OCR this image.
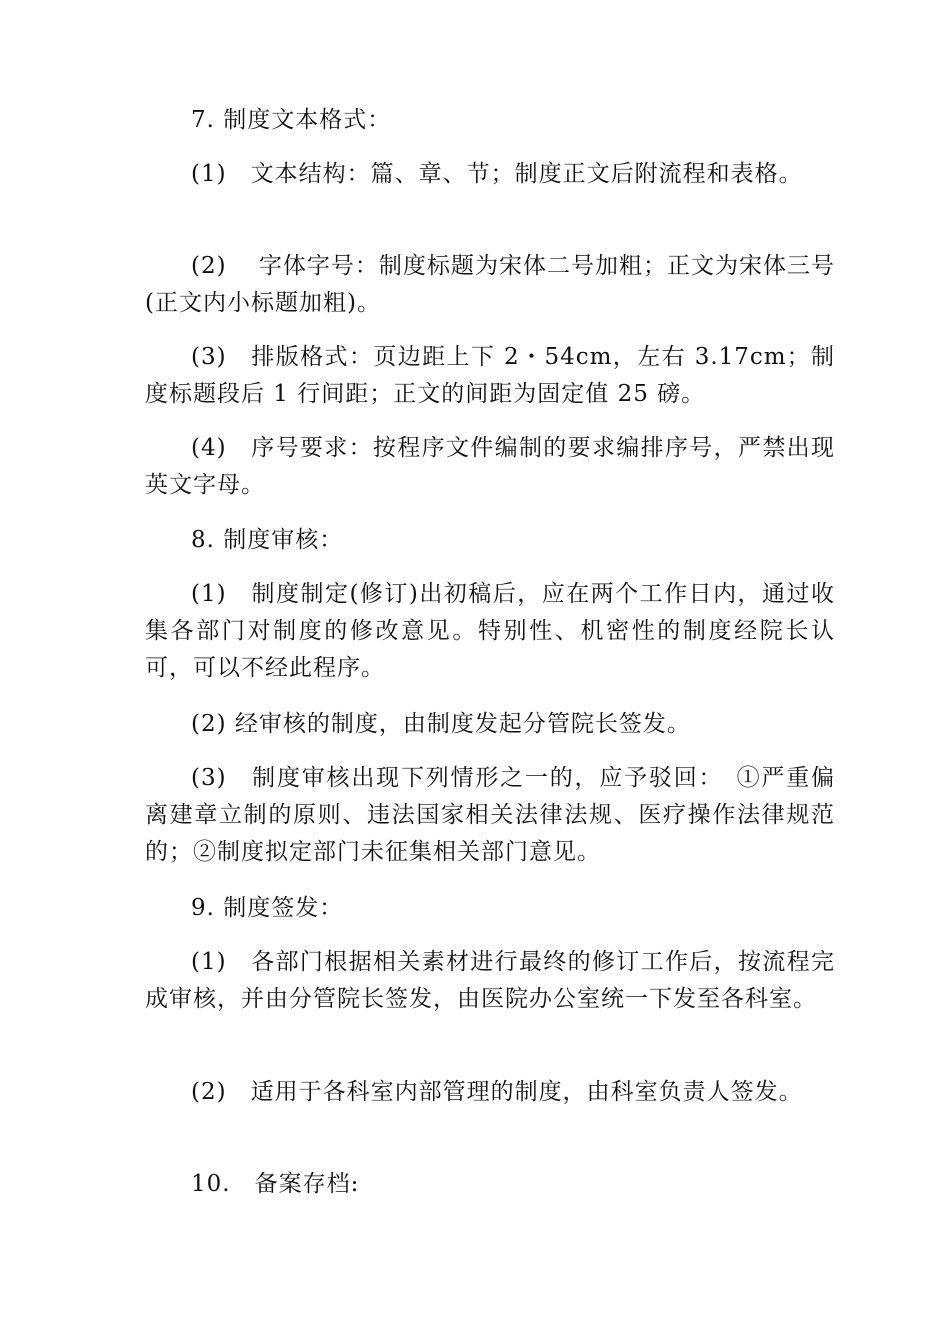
7. 制度文本格式：

(1)　文本结构：篇、章、节；制度正文后附流程和表格。

(2)　 字体字号：制度标题为宋体二号加粗；正文为宋体三号(正文内小标题加粗)。

(3)　排版格式：页边距上下 2・54cm，左右 3.17cm；制度标题段后 1 行间距；正文的间距为固定值 25 磅。

(4)　序号要求：按程序文件编制的要求编排序号，严禁出现英文字母。

8. 制度审核：

(1)　制度制定(修订)出初稿后，应在两个工作日内，通过收集各部门对制度的修改意见。特别性、机密性的制度经院长认可，可以不经此程序。

(2) 经审核的制度，由制度发起分管院长签发。

(3)　制度审核出现下列情形之一的，应予驳回：　①严重偏离建章立制的原则、违法国家相关法律法规、医疗操作法律规范的；②制度拟定部门未征集相关部门意见。

9. 制度签发：

(1)　各部门根据相关素材进行最终的修订工作后，按流程完成审核，并由分管院长签发，由医院办公室统一下发至各科室。

(2)　适用于各科室内部管理的制度，由科室负责人签发。

10.　备案存档:
